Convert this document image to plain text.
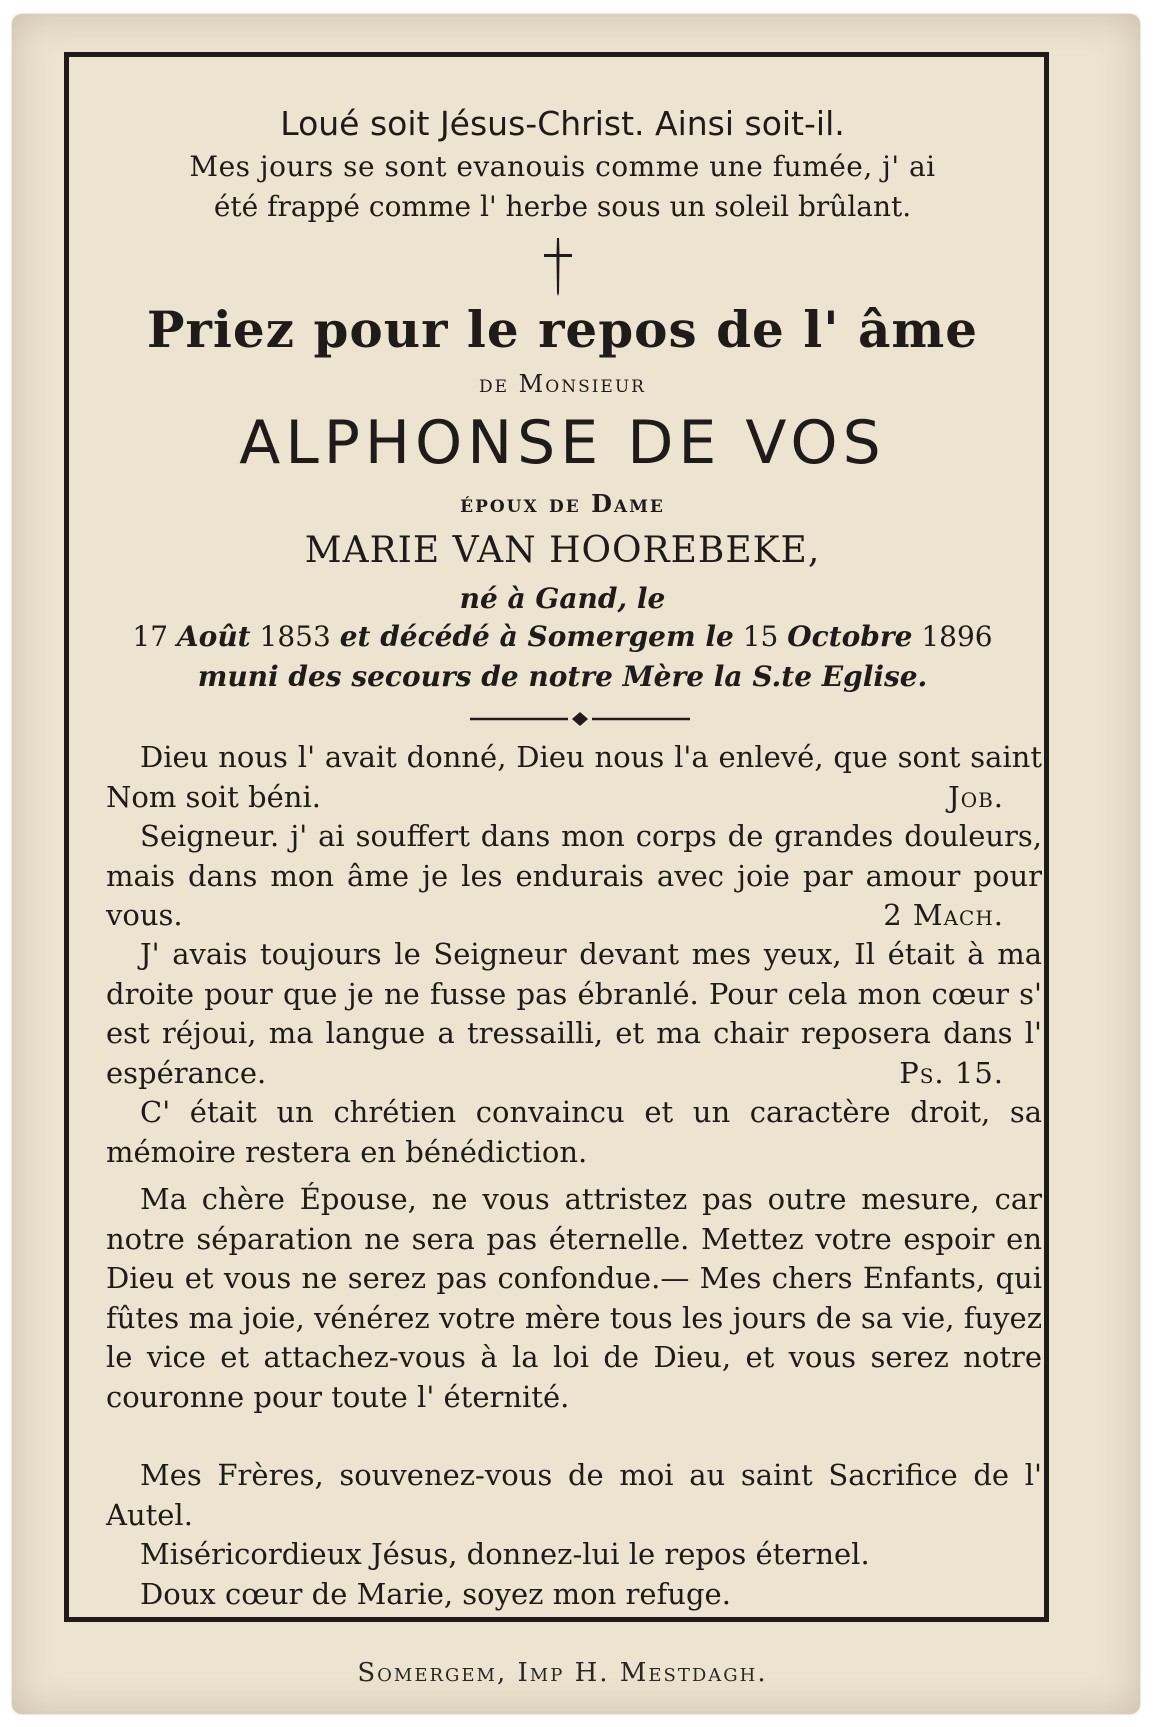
Loué soit Jésus-Christ. Ainsi soit-il.

Mes jours se sont evanouis comme une fumée, j' ai

été frappé comme l' herbe sous un soleil brûlant.

Priez pour le repos de l' âme

de Monsieur

ALPHONSE DE VOS

époux de Dame

MARIE VAN HOOREBEKE,

né à Gand, le

17 Août 1853 et décédé à Somergem le 15 Octobre 1896

muni des secours de notre Mère la S.te Eglise.

Dieu nous l' avait donné, Dieu nous l'a enlevé, que sont saint Nom soit béni.	Job.

Seigneur. j' ai souffert dans mon corps de grandes douleurs, mais dans mon âme je les endurais avec joie par amour pour vous.	2 Mach.

J' avais toujours le Seigneur devant mes yeux, Il était à ma droite pour que je ne fusse pas ébranlé. Pour cela mon cœur s' est réjoui, ma langue a tressailli, et ma chair reposera dans l' espérance.	Ps. 15.

C' était un chrétien convaincu et un caractère droit, sa mémoire restera en bénédiction.

Ma chère Épouse, ne vous attristez pas outre mesure, car notre séparation ne sera pas éternelle. Mettez votre espoir en Dieu et vous ne serez pas confondue.— Mes chers Enfants, qui fûtes ma joie, vénérez votre mère tous les jours de sa vie, fuyez le vice et attachez-vous à la loi de Dieu, et vous serez notre couronne pour toute l' éternité.

Mes Frères, souvenez-vous de moi au saint Sacrifice de l' Autel.

Miséricordieux Jésus, donnez-lui le repos éternel.

Doux cœur de Marie, soyez mon refuge.

Somergem, Imp H. Mestdagh.
